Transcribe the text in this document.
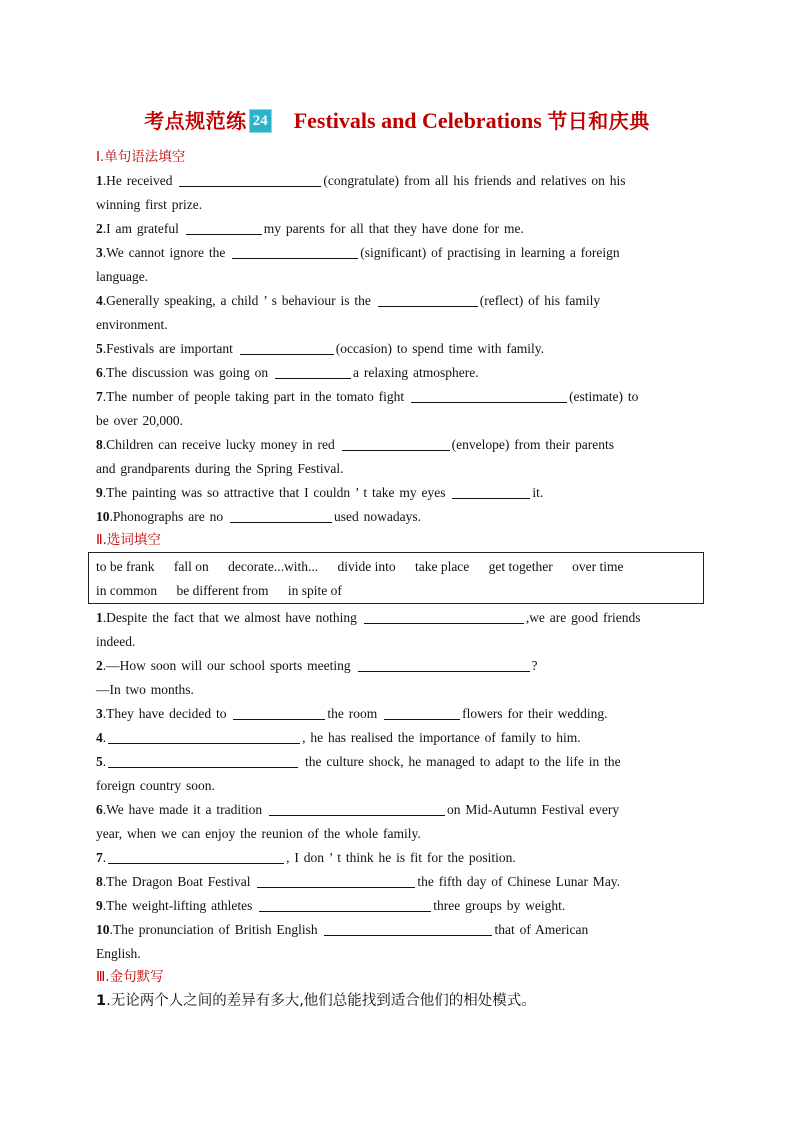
考点规范练 24 Festivals and Celebrations 节日和庆典
Ⅰ.单句语法填空
1.He received	(congratulate) from all his friends and relatives on his
winning first prize.
2.I am grateful	my parents for all that they have done for me.
3.We cannot ignore the	(significant) of practising in learning a foreign
language.
4.Generally speaking, a child ’ s behaviour is the	(reflect) of his family
environment.
5.Festivals are important	(occasion) to spend time with family.
6.The discussion was going on	a relaxing atmosphere.
7.The number of people taking part in the tomato fight	(estimate) to
be over 20,000.
8.Children can receive lucky money in red	(envelope) from their parents
and grandparents during the Spring Festival.
9.The painting was so attractive that I couldn ’ t take my eyes	it.
10.Phonographs are no	used nowadays.
Ⅱ.选词填空
to be frank fall on decorate...with... divide into take place get together over time
in common be different from in spite of
1.Despite the fact that we almost have nothing	,we are good friends
indeed.
2.—How soon will our school sports meeting	?
—In two months.
3.They have decided to	the room	flowers for their wedding.
4.	, he has realised the importance of family to him.
5.	the culture shock, he managed to adapt to the life in the
foreign country soon.
6.We have made it a tradition	on Mid-Autumn Festival every
year, when we can enjoy the reunion of the whole family.
7.	, I don ’ t think he is fit for the position.
8.The Dragon Boat Festival	the fifth day of Chinese Lunar May.
9.The weight-lifting athletes	three groups by weight.
10.The pronunciation of British English	that of American
English.
Ⅲ.金句默写
1.无论两个人之间的差异有多大,他们总能找到适合他们的相处模式。
